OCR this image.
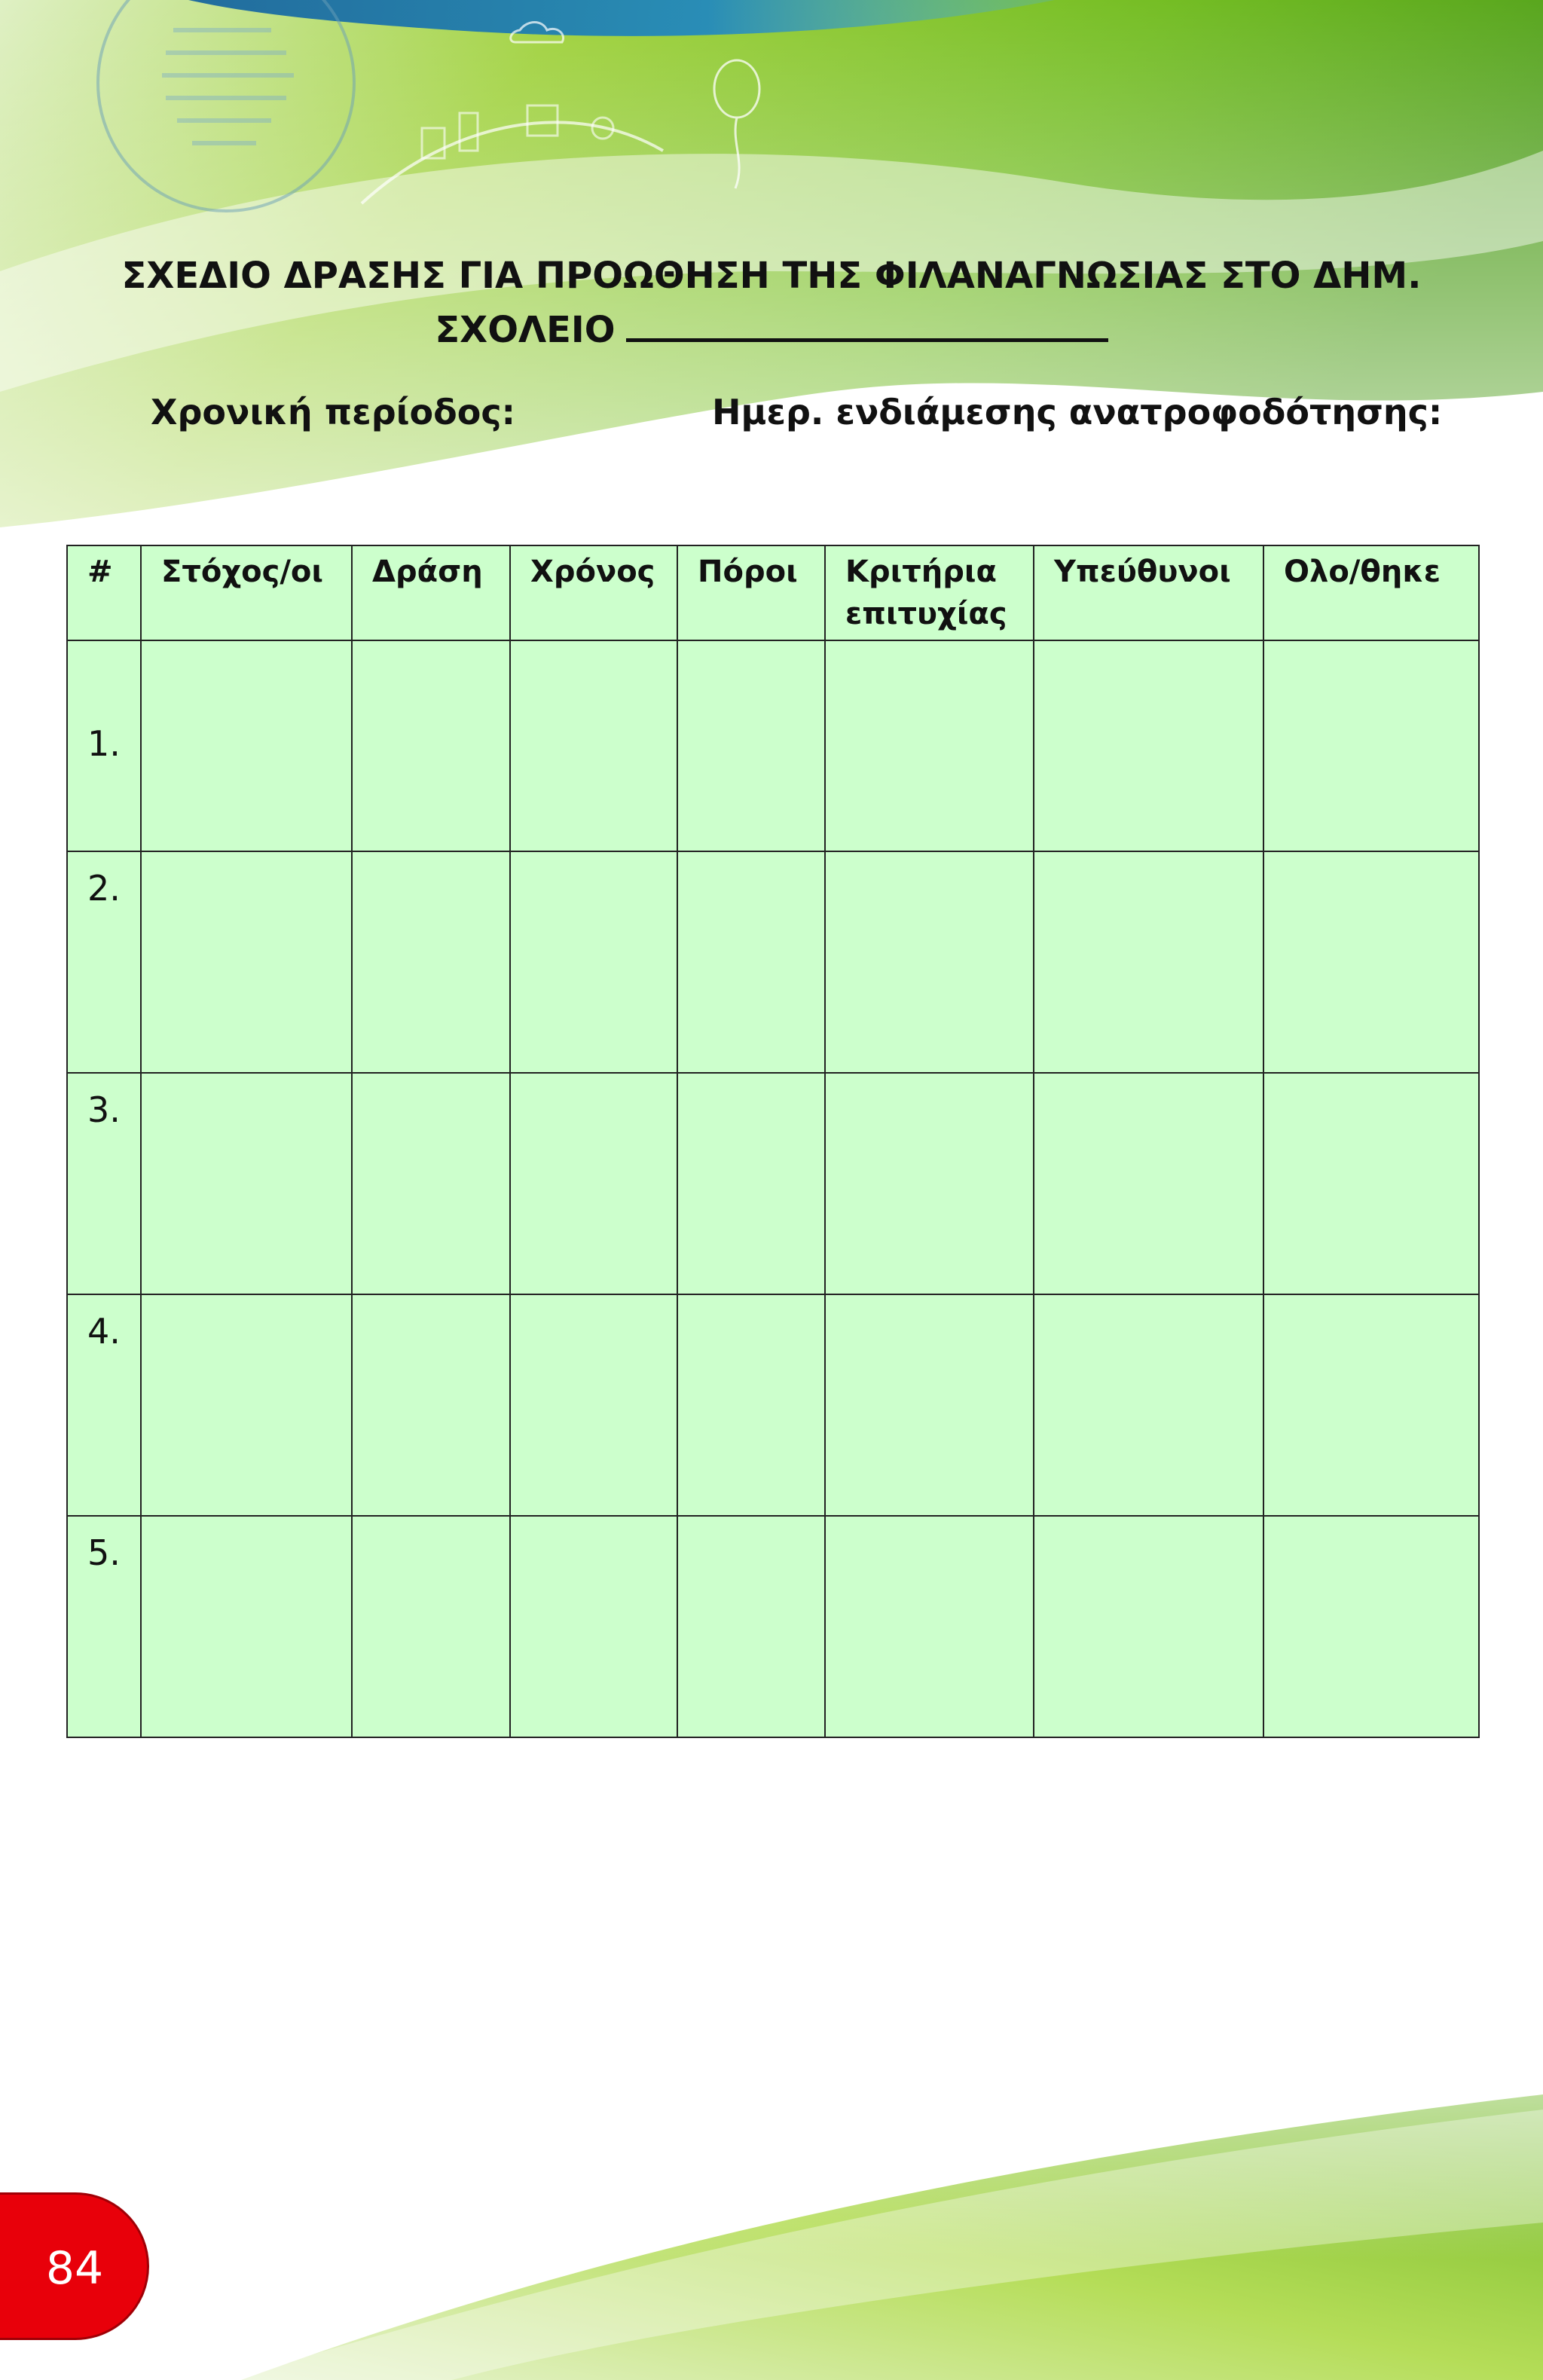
ΣΧΕΔΙΟ ΔΡΑΣΗΣ ΓΙΑ ΠΡΟΩΘΗΣΗ ΤΗΣ ΦΙΛΑΝΑΓΝΩΣΙΑΣ ΣΤΟ ΔΗΜ.
ΣΧΟΛΕΙΟ
Χρονική περίοδος:	Ημερ. ενδιάμεσης ανατροφοδότησης:
#	Στόχος/οι	Δράση	Χρόνος	Πόροι	Κριτήρια επιτυχίας	Υπεύθυνοι	Ολο/θηκε
1.							
2.							
3.							
4.							
5.							
84
